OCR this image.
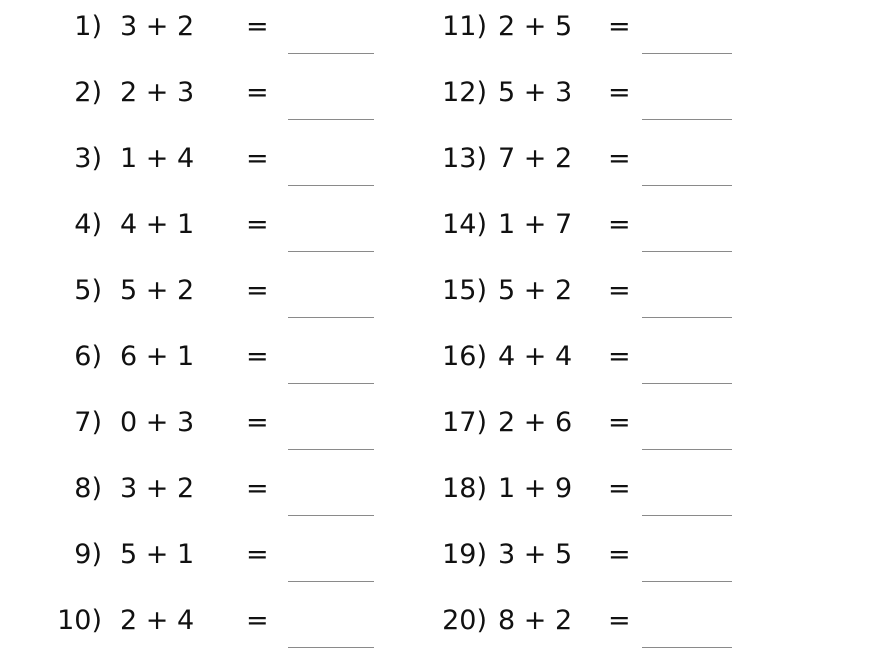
1) 3 + 2 =
2) 2 + 3 =
3) 1 + 4 =
4) 4 + 1 =
5) 5 + 2 =
6) 6 + 1 =
7) 0 + 3 =
8) 3 + 2 =
9) 5 + 1 =
10) 2 + 4 =
11) 2 + 5 =
12) 5 + 3 =
13) 7 + 2 =
14) 1 + 7 =
15) 5 + 2 =
16) 4 + 4 =
17) 2 + 6 =
18) 1 + 9 =
19) 3 + 5 =
20) 8 + 2 =
